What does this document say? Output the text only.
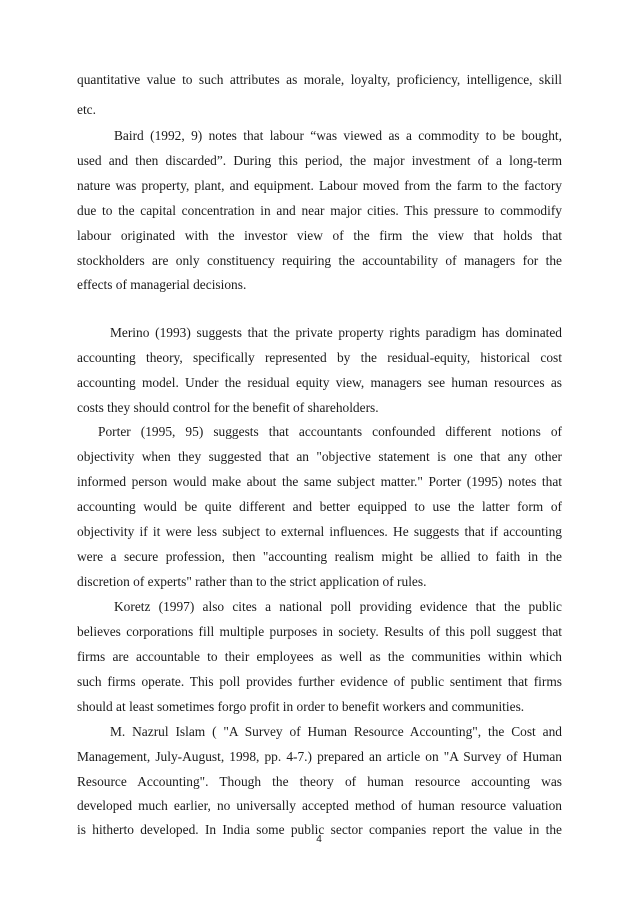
quantitative value to such attributes as morale, loyalty, proficiency, intelligence, skill
etc.
Baird (1992, 9) notes that labour “was viewed as a commodity to be bought,
used and then discarded”. During this period, the major investment of a long-term
nature was property, plant, and equipment. Labour moved from the farm to the factory
due to the capital concentration in and near major cities. This pressure to commodify
labour originated with the investor view of the firm the view that holds that
stockholders are only constituency requiring the accountability of managers for the
effects of managerial decisions.
Merino (1993) suggests that the private property rights paradigm has dominated
accounting theory, specifically represented by the residual-equity, historical cost
accounting model. Under the residual equity view, managers see human resources as
costs they should control for the benefit of shareholders.
Porter (1995, 95) suggests that accountants confounded different notions of
objectivity when they suggested that an "objective statement is one that any other
informed person would make about the same subject matter." Porter (1995) notes that
accounting would be quite different and better equipped to use the latter form of
objectivity if it were less subject to external influences. He suggests that if accounting
were a secure profession, then "accounting realism might be allied to faith in the
discretion of experts" rather than to the strict application of rules.
Koretz (1997) also cites a national poll providing evidence that the public
believes corporations fill multiple purposes in society. Results of this poll suggest that
firms are accountable to their employees as well as the communities within which
such firms operate. This poll provides further evidence of public sentiment that firms
should at least sometimes forgo profit in order to benefit workers and communities.
M. Nazrul Islam ( "A Survey of Human Resource Accounting", the Cost and
Management, July-August, 1998, pp. 4-7.) prepared an article on "A Survey of Human
Resource Accounting". Though the theory of human resource accounting was
developed much earlier, no universally accepted method of human resource valuation
is hitherto developed. In India some public sector companies report the value in the
4
